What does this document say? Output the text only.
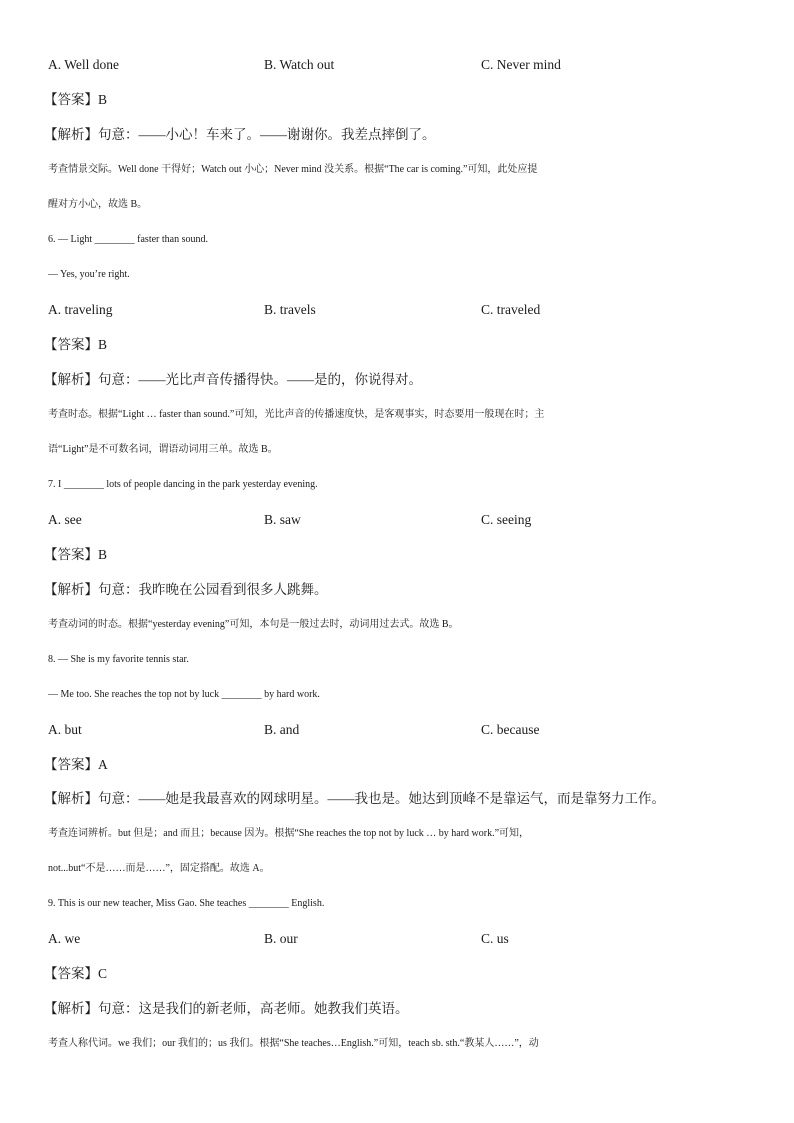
A. Well done	B. Watch out	C. Never mind
【答案】B
【解析】句意：——小心！车来了。——谢谢你。我差点摔倒了。
考查情景交际。Well done 干得好；Watch out 小心；Never mind 没关系。根据“The car is coming.”可知，此处应提
醒对方小心，故选 B。
6. — Light ________ faster than sound.
— Yes, you’re right.
A. traveling	B. travels	C. traveled
【答案】B
【解析】句意：——光比声音传播得快。——是的，你说得对。
考查时态。根据“Light … faster than sound.”可知，光比声音的传播速度快，是客观事实，时态要用一般现在时；主
语“Light”是不可数名词，谓语动词用三单。故选 B。
7. I ________ lots of people dancing in the park yesterday evening.
A. see	B. saw	C. seeing
【答案】B
【解析】句意：我昨晚在公园看到很多人跳舞。
考查动词的时态。根据“yesterday evening”可知，本句是一般过去时，动词用过去式。故选 B。
8. — She is my favorite tennis star.
— Me too. She reaches the top not by luck ________ by hard work.
A. but	B. and	C. because
【答案】A
【解析】句意：——她是我最喜欢的网球明星。——我也是。她达到顶峰不是靠运气，而是靠努力工作。
考查连词辨析。but 但是；and 而且；because 因为。根据“She reaches the top not by luck … by hard work.”可知，
not...but“不是……而是……”，固定搭配。故选 A。
9. This is our new teacher, Miss Gao. She teaches ________ English.
A. we	B. our	C. us
【答案】C
【解析】句意：这是我们的新老师，高老师。她教我们英语。
考查人称代词。we 我们；our 我们的；us 我们。根据“She teaches…English.”可知，teach sb. sth.“教某人……”，动
